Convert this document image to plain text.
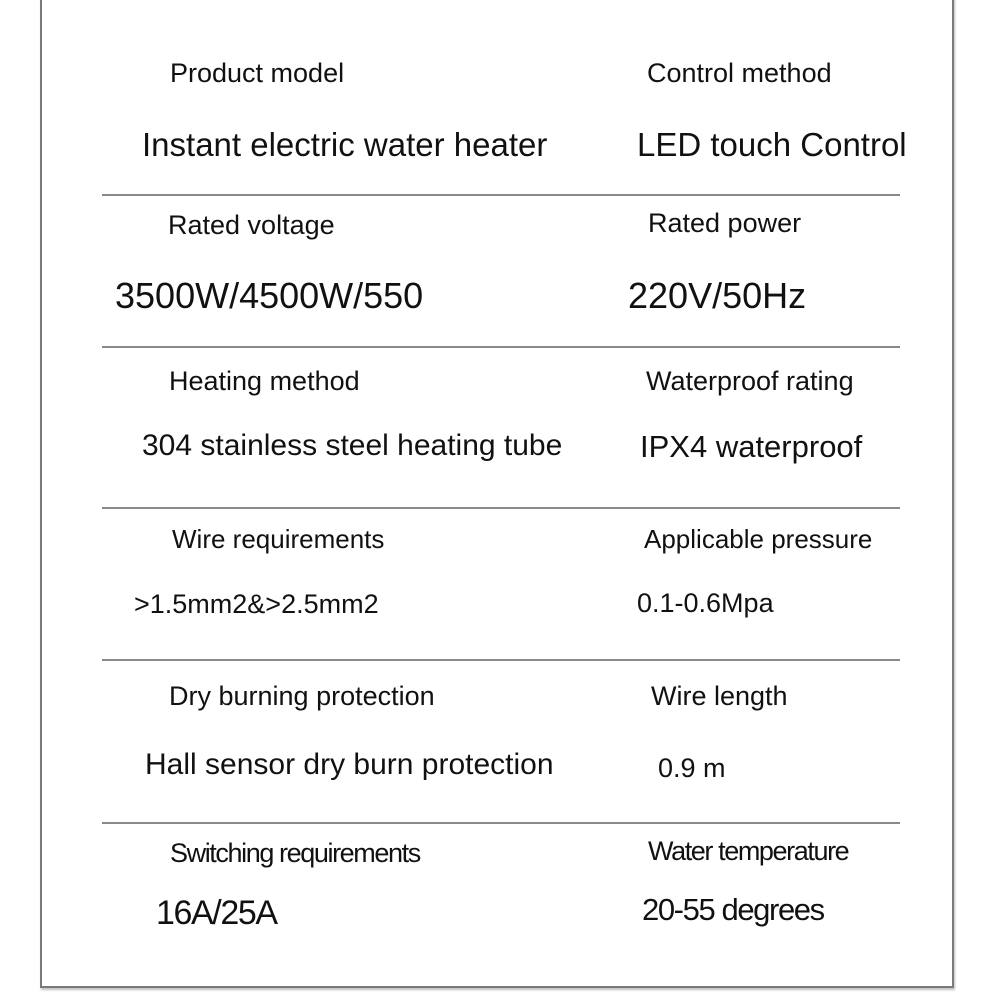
Product model
Instant electric water heater
Control method
LED touch Control
Rated voltage
3500W/4500W/550
Rated power
220V/50Hz
Heating method
304 stainless steel heating tube
Waterproof rating
IPX4 waterproof
Wire requirements
>1.5mm2&>2.5mm2
Applicable pressure
0.1-0.6Mpa
Dry burning protection
Hall sensor dry burn protection
Wire length
0.9 m
Switching requirements
16A/25A
Water temperature
20-55 degrees
